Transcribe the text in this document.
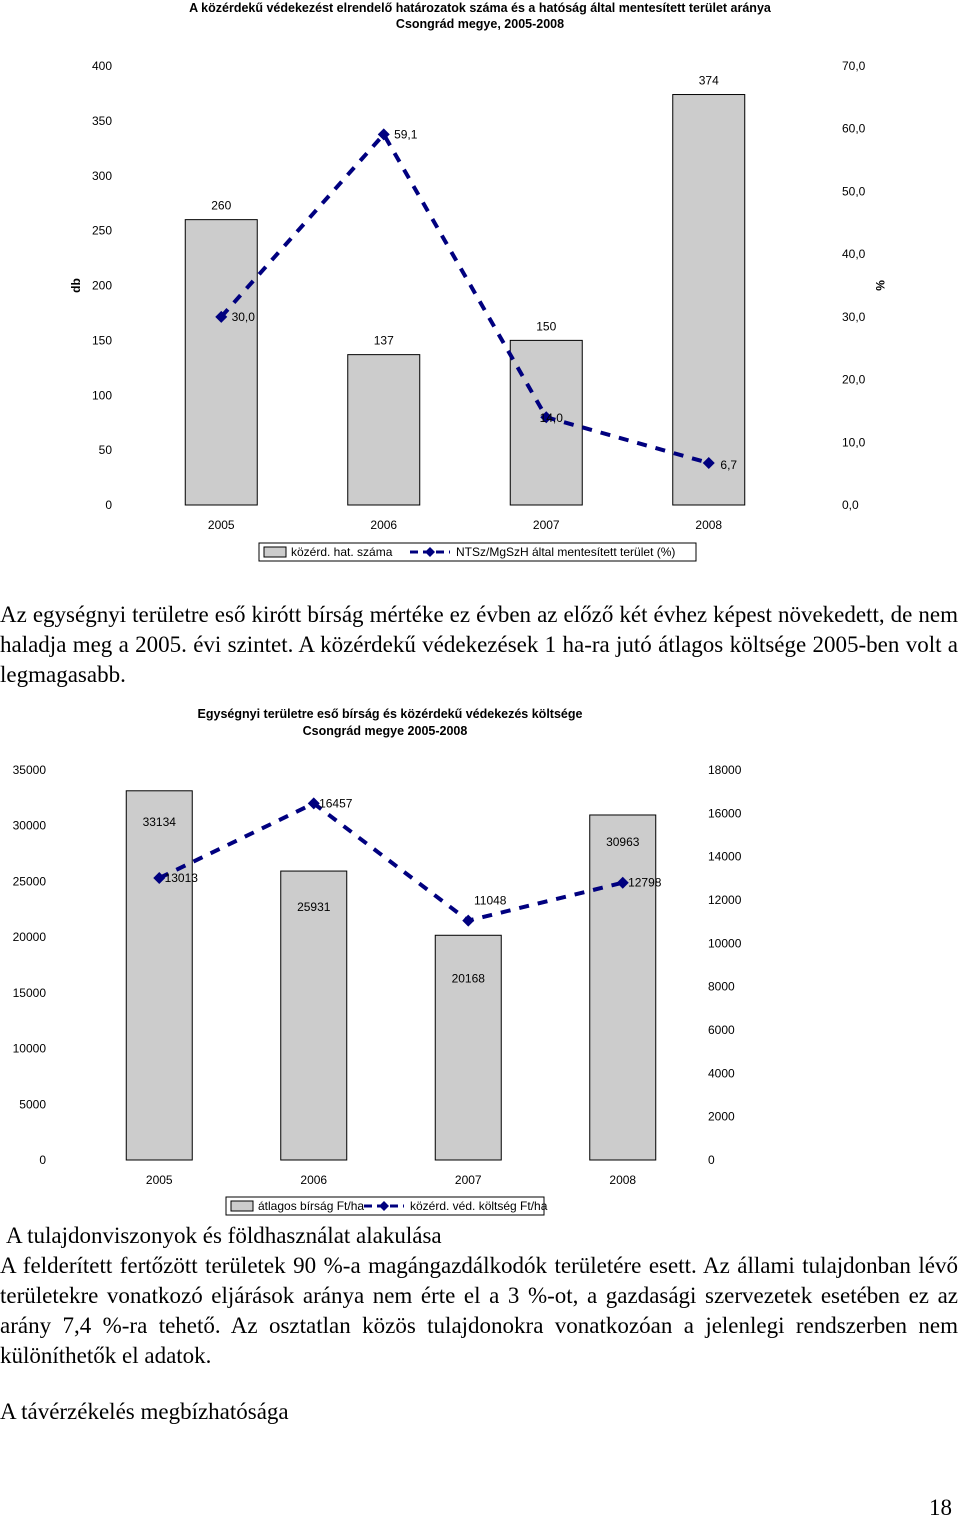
A közérdekű védekezést elrendelő határozatok száma és a hatóság által mentesített terület aránya
Csongrád megye, 2005-2008
0
50
100
150
200
250
300
350
400
0,0
10,0
20,0
30,0
40,0
50,0
60,0
70,0
db	%
260
137
150
374
2005	2006	2007	2008
30,0
59,1
14,0
6,7
közérd. hat. száma	NTSz/MgSzH által mentesített terület (%)

Az egységnyi területre eső kirótt bírság mértéke ez évben az előző két évhez képest növekedett, de nem haladja meg a 2005. évi szintet. A közérdekű védekezések 1 ha-ra jutó átlagos költsége 2005-ben volt a legmagasabb.

Egységnyi területre eső bírság és közérdekű védekezés költsége
Csongrád megye 2005-2008
0
5000
10000
15000
20000
25000
30000
35000
0
2000
4000
6000
8000
10000
12000
14000
16000
18000
33134
25931
20168
30963
2005	2006	2007	2008
13013
16457
11048
12798
átlagos bírság Ft/ha	közérd. véd. költség Ft/ha

A tulajdonviszonyok és földhasználat alakulása

A felderített fertőzött területek 90 %-a magángazdálkodók területére esett. Az állami tulajdonban lévő területekre vonatkozó eljárások aránya nem érte el a 3 %-ot, a gazdasági szervezetek esetében ez az arány 7,4 %-ra tehető. Az osztatlan közös tulajdonokra vonatkozóan a jelenlegi rendszerben nem különíthetők el adatok.

A távérzékelés megbízhatósága

18
